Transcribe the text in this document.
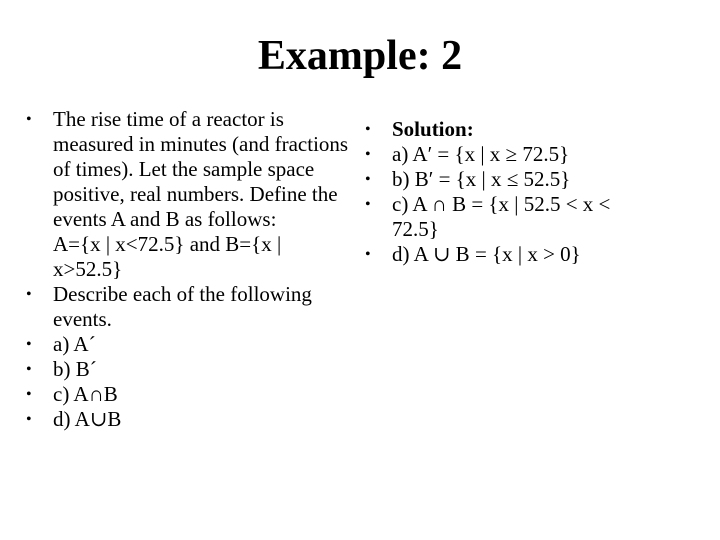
Example: 2
• The rise time of a reactor is measured in minutes (and fractions of times). Let the sample space positive, real numbers. Define the events A and B as follows:
A={x | x<72.5} and B={x | x>52.5}
• Describe each of the following events.
• a) A´
• b) B´
• c) A∩B
• d) A∪B
• Solution:
• a) A′ = {x | x ≥ 72.5}
• b) B′ = {x | x ≤ 52.5}
• c) A ∩ B = {x | 52.5 < x < 72.5}
• d) A ∪ B = {x | x > 0}
